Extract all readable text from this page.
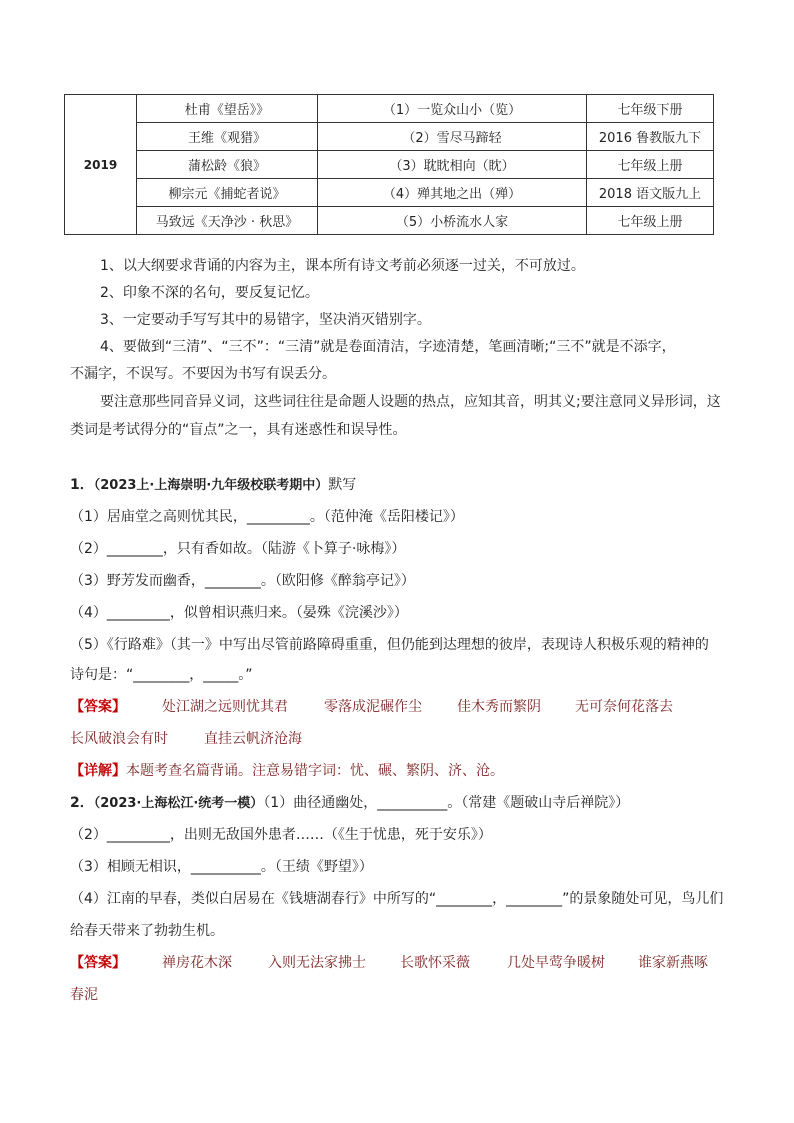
2019	杜甫《望岳》》	（1）一览众山小（览）	七年级下册
	王维《观猎》	（2）雪尽马蹄轻	2016 鲁教版九下
	蒲松龄《狼》	（3）耽眈相向（眈）	七年级上册
	柳宗元《捕蛇者说》	（4）殚其地之出（殚）	2018 语文版九上
	马致远《天净沙 · 秋思》	（5）小桥流水人家	七年级上册
1、以大纲要求背诵的内容为主，课本所有诗文考前必须逐一过关，不可放过。
2、印象不深的名句，要反复记忆。
3、一定要动手写写其中的易错字，坚决消灭错别字。
4、要做到“三清”、“三不”：“三清”就是卷面清洁，字迹清楚，笔画清晰;“三不”就是不添字，
不漏字，不误写。不要因为书写有误丢分。
要注意那些同音异义词，这些词往往是命题人设题的热点，应知其音，明其义;要注意同义异形词，这
类词是考试得分的“盲点”之一，具有迷惑性和误导性。
1．（2023上·上海崇明·九年级校联考期中）默写
（1）居庙堂之高则忧其民，_________。（范仲淹《岳阳楼记》）
（2）________，只有香如故。（陆游《卜算子·咏梅》）
（3）野芳发而幽香，________。（欧阳修《醉翁亭记》）
（4）_________，似曾相识燕归来。（晏殊《浣溪沙》）
（5）《行路难》（其一》中写出尽管前路障碍重重，但仍能到达理想的彼岸，表现诗人积极乐观的精神的
诗句是：“________，_____。”
【答案】	处江湖之远则忧其君	零落成泥碾作尘	佳木秀而繁阴 无可奈何花落去
长风破浪会有时	直挂云帆济沧海
【详解】本题考查名篇背诵。注意易错字词：忧、碾、繁阴、济、沧。
2．（2023·上海松江·统考一模）（1）曲径通幽处，__________。（常建《题破山寺后禅院》）
（2）_________，出则无敌国外患者……（《生于忧患，死于安乐》）
（3）相顾无相识，__________。（王绩《野望》）
（4）江南的早春，类似白居易在《钱塘湖春行》中所写的“________，________”的景象随处可见，鸟儿们
给春天带来了勃勃生机。
【答案】	禅房花木深	入则无法家拂士 长歌怀采薇	几处早莺争暖树 谁家新燕啄
春泥
